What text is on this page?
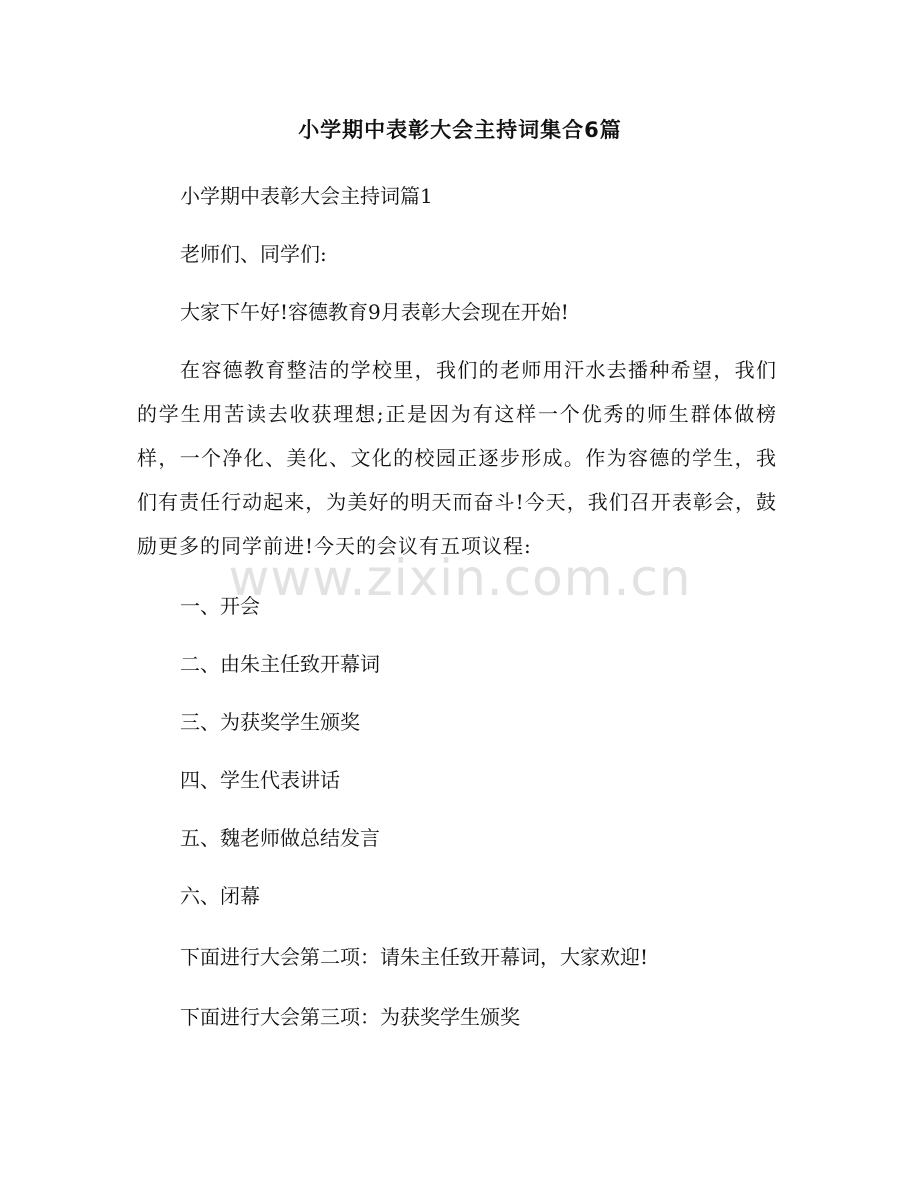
小学期中表彰大会主持词集合6篇
小学期中表彰大会主持词篇1
老师们、同学们:
大家下午好!容德教育9月表彰大会现在开始!
在容德教育整洁的学校里，我们的老师用汗水去播种希望，我们的学生用苦读去收获理想;正是因为有这样一个优秀的师生群体做榜样，一个净化、美化、文化的校园正逐步形成。作为容德的学生，我们有责任行动起来，为美好的明天而奋斗!今天，我们召开表彰会，鼓励更多的同学前进!今天的会议有五项议程:
一、开会
二、由朱主任致开幕词
三、为获奖学生颁奖
四、学生代表讲话
五、魏老师做总结发言
六、闭幕
下面进行大会第二项：请朱主任致开幕词，大家欢迎!
下面进行大会第三项：为获奖学生颁奖
www.zixin.com.cn
